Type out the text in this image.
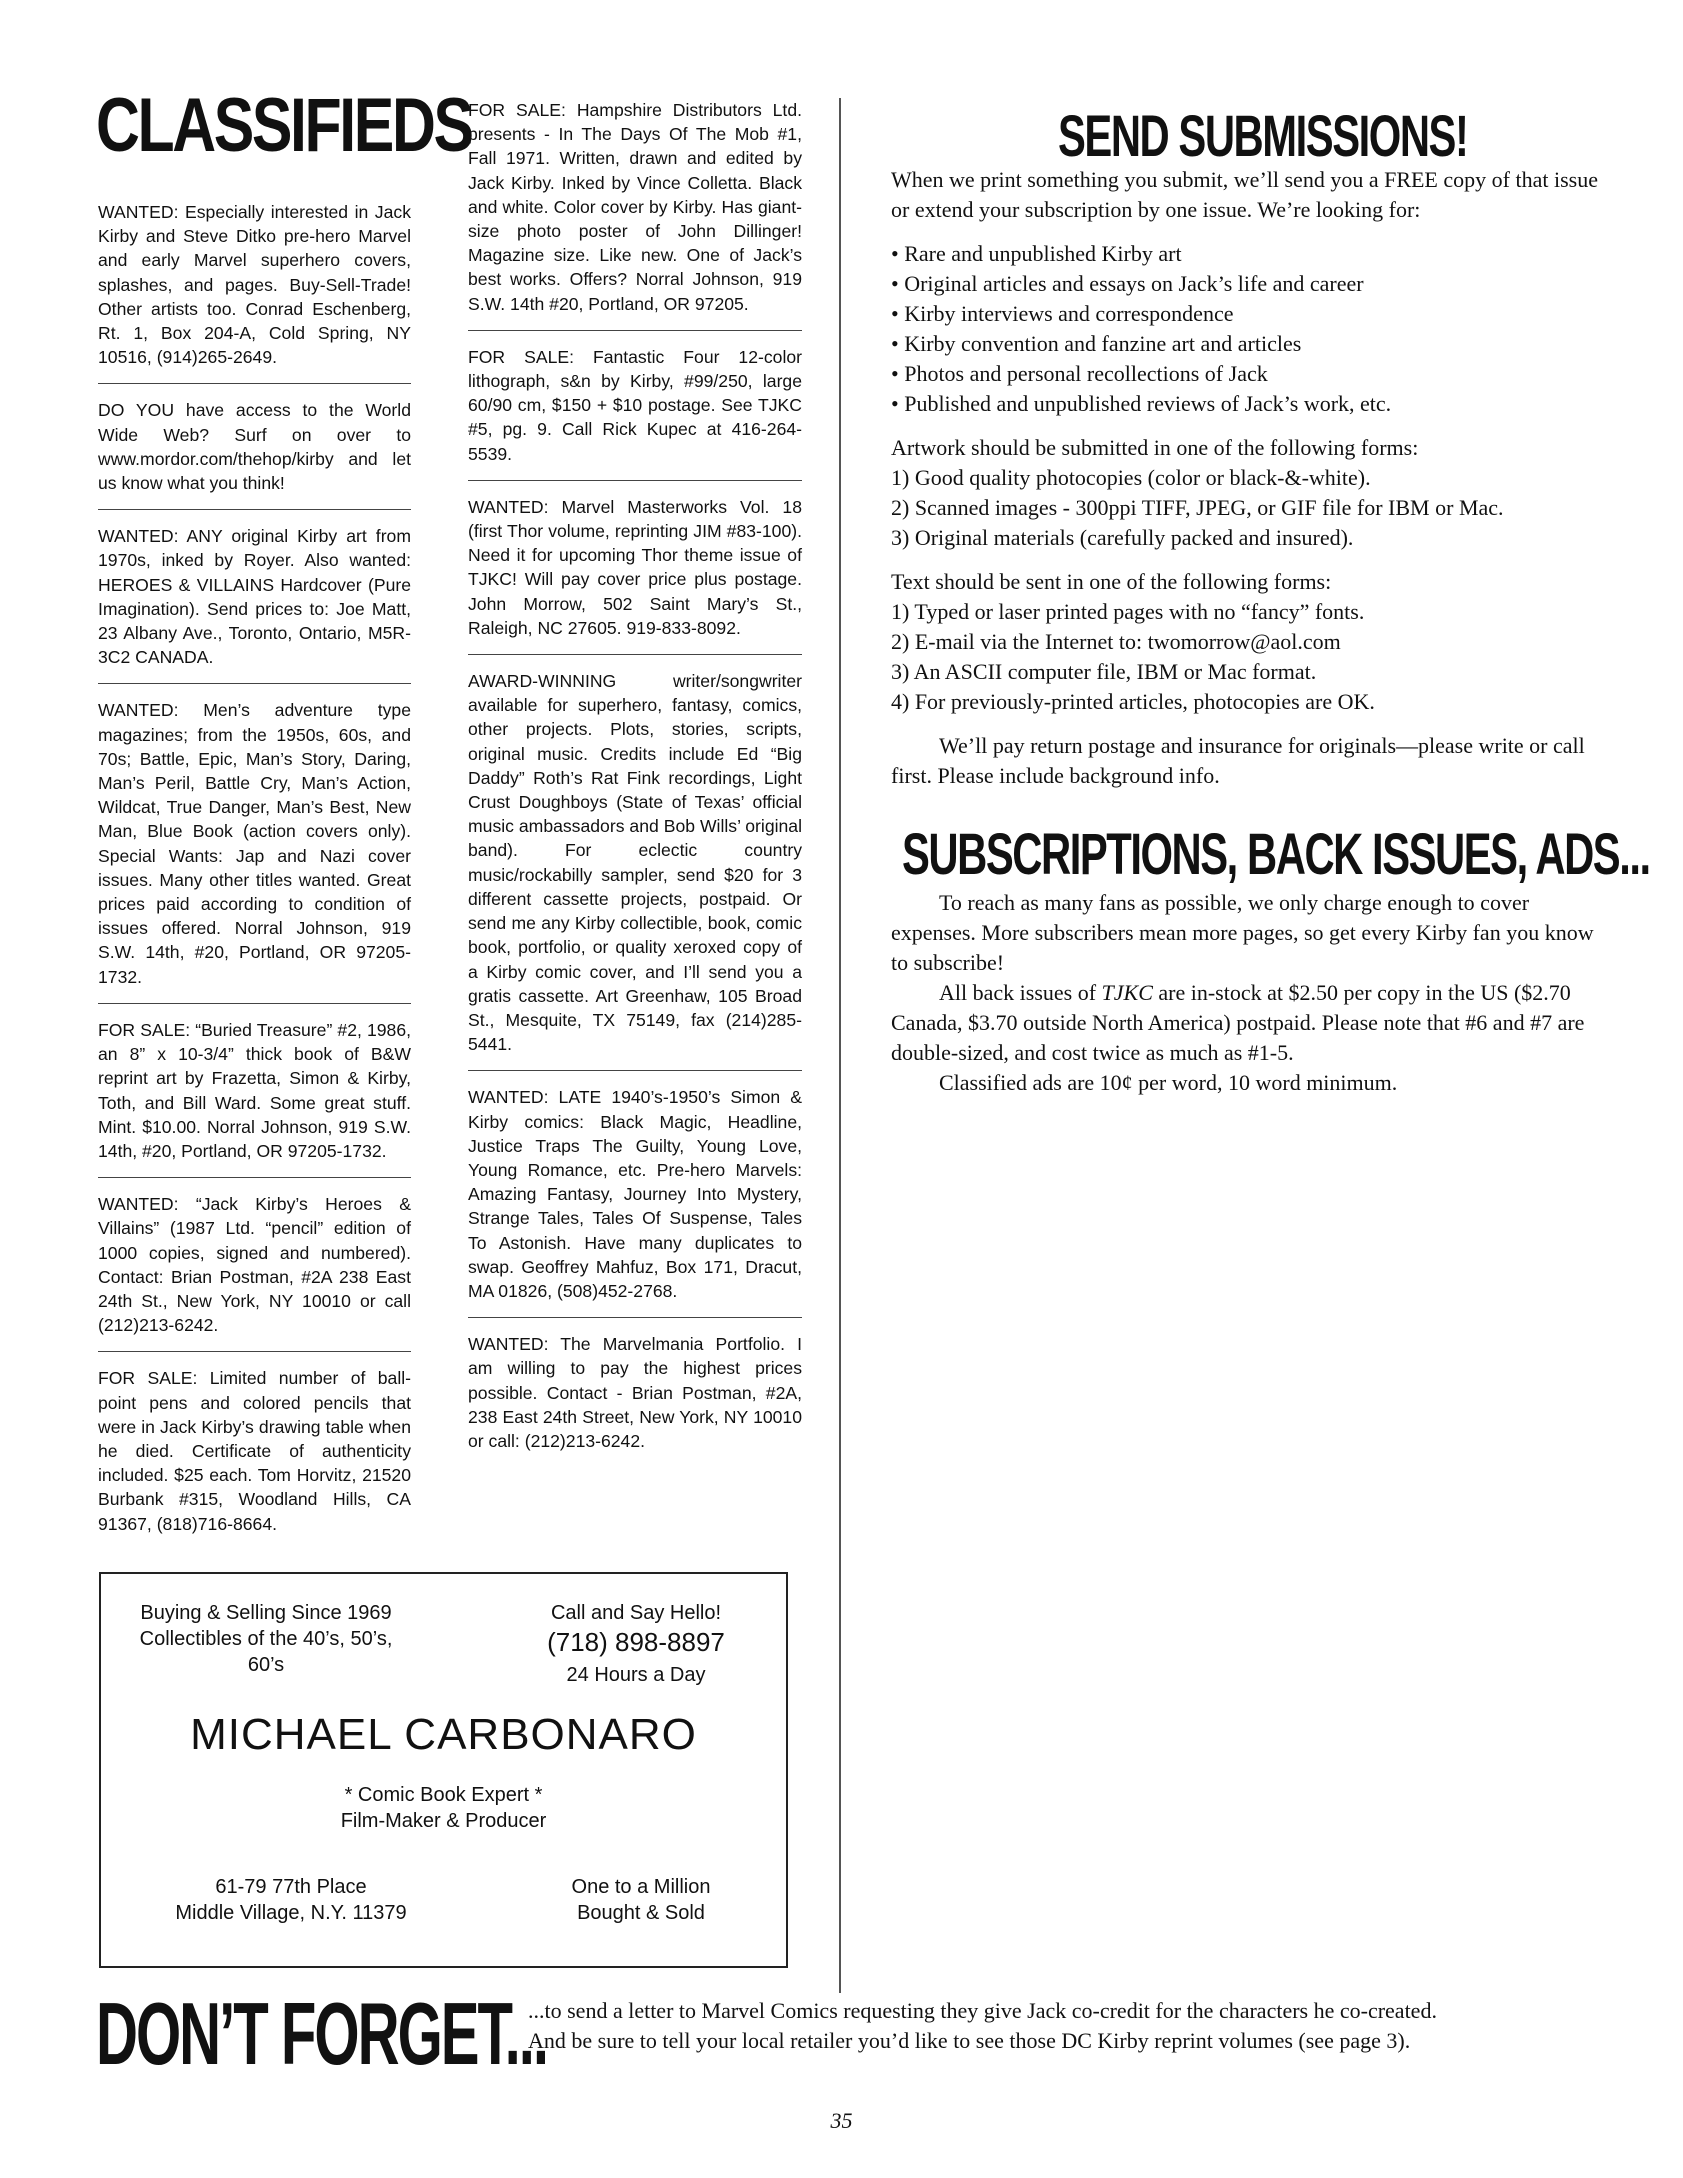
CLASSIFIEDS

WANTED: Especially interested in Jack Kirby and Steve Ditko pre-hero Marvel and early Marvel superhero covers, splashes, and pages. Buy-Sell-Trade! Other artists too. Conrad Eschenberg, Rt. 1, Box 204-A, Cold Spring, NY 10516, (914)265-2649.

DO YOU have access to the World Wide Web? Surf on over to www.mordor.com/thehop/kirby and let us know what you think!

WANTED: ANY original Kirby art from 1970s, inked by Royer. Also wanted: HEROES & VILLAINS Hardcover (Pure Imagination). Send prices to: Joe Matt, 23 Albany Ave., Toronto, Ontario, M5R-3C2 CANADA.

WANTED: Men’s adventure type magazines; from the 1950s, 60s, and 70s; Battle, Epic, Man’s Story, Daring, Man’s Peril, Battle Cry, Man’s Action, Wildcat, True Danger, Man’s Best, New Man, Blue Book (action covers only). Special Wants: Jap and Nazi cover issues. Many other titles wanted. Great prices paid according to condition of issues offered. Norral Johnson, 919 S.W. 14th, #20, Portland, OR 97205-1732.

FOR SALE: “Buried Treasure” #2, 1986, an 8” x 10-3/4” thick book of B&W reprint art by Frazetta, Simon & Kirby, Toth, and Bill Ward. Some great stuff. Mint. $10.00. Norral Johnson, 919 S.W. 14th, #20, Portland, OR 97205-1732.

WANTED: “Jack Kirby’s Heroes & Villains” (1987 Ltd. “pencil” edition of 1000 copies, signed and numbered). Contact: Brian Postman, #2A 238 East 24th St., New York, NY 10010 or call (212)213-6242.

FOR SALE: Limited number of ball-point pens and colored pencils that were in Jack Kirby’s drawing table when he died. Certificate of authenticity included. $25 each. Tom Horvitz, 21520 Burbank #315, Woodland Hills, CA 91367, (818)716-8664.

FOR SALE: Hampshire Distributors Ltd. presents - In The Days Of The Mob #1, Fall 1971. Written, drawn and edited by Jack Kirby. Inked by Vince Colletta. Black and white. Color cover by Kirby. Has giant-size photo poster of John Dillinger! Magazine size. Like new. One of Jack’s best works. Offers? Norral Johnson, 919 S.W. 14th #20, Portland, OR 97205.

FOR SALE: Fantastic Four 12-color lithograph, s&n by Kirby, #99/250, large 60/90 cm, $150 + $10 postage. See TJKC #5, pg. 9. Call Rick Kupec at 416-264-5539.

WANTED: Marvel Masterworks Vol. 18 (first Thor volume, reprinting JIM #83-100). Need it for upcoming Thor theme issue of TJKC! Will pay cover price plus postage. John Morrow, 502 Saint Mary’s St., Raleigh, NC 27605. 919-833-8092.

AWARD-WINNING writer/songwriter available for superhero, fantasy, comics, other projects. Plots, stories, scripts, original music. Credits include Ed “Big Daddy” Roth’s Rat Fink recordings, Light Crust Doughboys (State of Texas’ official music ambassadors and Bob Wills’ original band). For eclectic country music/rockabilly sampler, send $20 for 3 different cassette projects, postpaid. Or send me any Kirby collectible, book, comic book, portfolio, or quality xeroxed copy of a Kirby comic cover, and I’ll send you a gratis cassette. Art Greenhaw, 105 Broad St., Mesquite, TX 75149, fax (214)285-5441.

WANTED: LATE 1940’s-1950’s Simon & Kirby comics: Black Magic, Headline, Justice Traps The Guilty, Young Love, Young Romance, etc. Pre-hero Marvels: Amazing Fantasy, Journey Into Mystery, Strange Tales, Tales Of Suspense, Tales To Astonish. Have many duplicates to swap. Geoffrey Mahfuz, Box 171, Dracut, MA 01826, (508)452-2768.

WANTED: The Marvelmania Portfolio. I am willing to pay the highest prices possible. Contact - Brian Postman, #2A, 238 East 24th Street, New York, NY 10010 or call: (212)213-6242.

Buying & Selling Since 1969
Collectibles of the 40’s, 50’s, 60’s
Call and Say Hello!
(718) 898-8897
24 Hours a Day
MICHAEL CARBONARO
* Comic Book Expert *
Film-Maker & Producer
61-79 77th Place
Middle Village, N.Y. 11379
One to a Million
Bought & Sold
SEND SUBMISSIONS!

When we print something you submit, we’ll send you a FREE copy of that issue or extend your subscription by one issue. We’re looking for:

• Rare and unpublished Kirby art
• Original articles and essays on Jack’s life and career
• Kirby interviews and correspondence
• Kirby convention and fanzine art and articles
• Photos and personal recollections of Jack
• Published and unpublished reviews of Jack’s work, etc.

Artwork should be submitted in one of the following forms:

1) Good quality photocopies (color or black-&-white).

2) Scanned images - 300ppi TIFF, JPEG, or GIF file for IBM or Mac.

3) Original materials (carefully packed and insured).

Text should be sent in one of the following forms:

1) Typed or laser printed pages with no “fancy” fonts.

2) E-mail via the Internet to: twomorrow@aol.com

3) An ASCII computer file, IBM or Mac format.

4) For previously-printed articles, photocopies are OK.

We’ll pay return postage and insurance for originals—please write or call first. Please include background info.

SUBSCRIPTIONS, BACK ISSUES, ADS...

To reach as many fans as possible, we only charge enough to cover expenses. More subscribers mean more pages, so get every Kirby fan you know to subscribe!

All back issues of TJKC are in-stock at $2.50 per copy in the US ($2.70 Canada, $3.70 outside North America) postpaid. Please note that #6 and #7 are double-sized, and cost twice as much as #1-5.

Classified ads are 10¢ per word, 10 word minimum.

DON’T FORGET...

...to send a letter to Marvel Comics requesting they give Jack co-credit for the characters he co-created.

And be sure to tell your local retailer you’d like to see those DC Kirby reprint volumes (see page 3).

35
